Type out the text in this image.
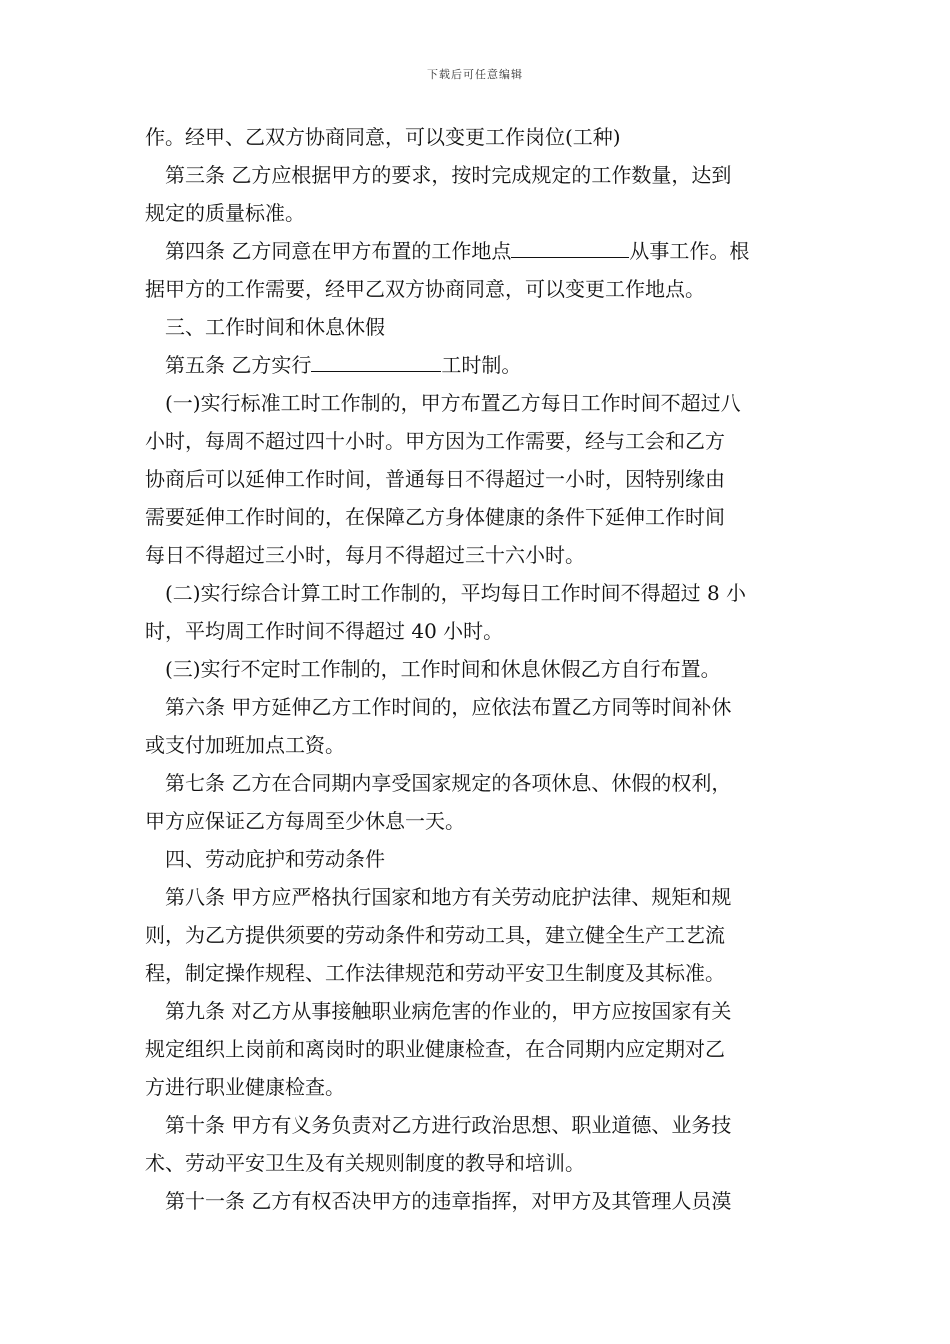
下载后可任意编辑

作。经甲、乙双方协商同意，可以变更工作岗位(工种)

　第三条 乙方应根据甲方的要求，按时完成规定的工作数量，达到
规定的质量标准。

　第四条 乙方同意在甲方布置的工作地点	从事工作。根
据甲方的工作需要，经甲乙双方协商同意，可以变更工作地点。

　三、工作时间和休息休假

　第五条 乙方实行	工时制。

　(一)实行标准工时工作制的，甲方布置乙方每日工作时间不超过八
小时，每周不超过四十小时。甲方因为工作需要，经与工会和乙方
协商后可以延伸工作时间，普通每日不得超过一小时，因特别缘由
需要延伸工作时间的，在保障乙方身体健康的条件下延伸工作时间
每日不得超过三小时，每月不得超过三十六小时。

　(二)实行综合计算工时工作制的，平均每日工作时间不得超过 8 小
时，平均周工作时间不得超过 40 小时。

　(三)实行不定时工作制的，工作时间和休息休假乙方自行布置。

　第六条 甲方延伸乙方工作时间的，应依法布置乙方同等时间补休
或支付加班加点工资。

　第七条 乙方在合同期内享受国家规定的各项休息、休假的权利，
甲方应保证乙方每周至少休息一天。

　四、劳动庇护和劳动条件

　第八条 甲方应严格执行国家和地方有关劳动庇护法律、规矩和规
则，为乙方提供须要的劳动条件和劳动工具，建立健全生产工艺流
程，制定操作规程、工作法律规范和劳动平安卫生制度及其标准。

　第九条 对乙方从事接触职业病危害的作业的，甲方应按国家有关
规定组织上岗前和离岗时的职业健康检查，在合同期内应定期对乙
方进行职业健康检查。

　第十条 甲方有义务负责对乙方进行政治思想、职业道德、业务技
术、劳动平安卫生及有关规则制度的教导和培训。

　第十一条 乙方有权否决甲方的违章指挥，对甲方及其管理人员漠
